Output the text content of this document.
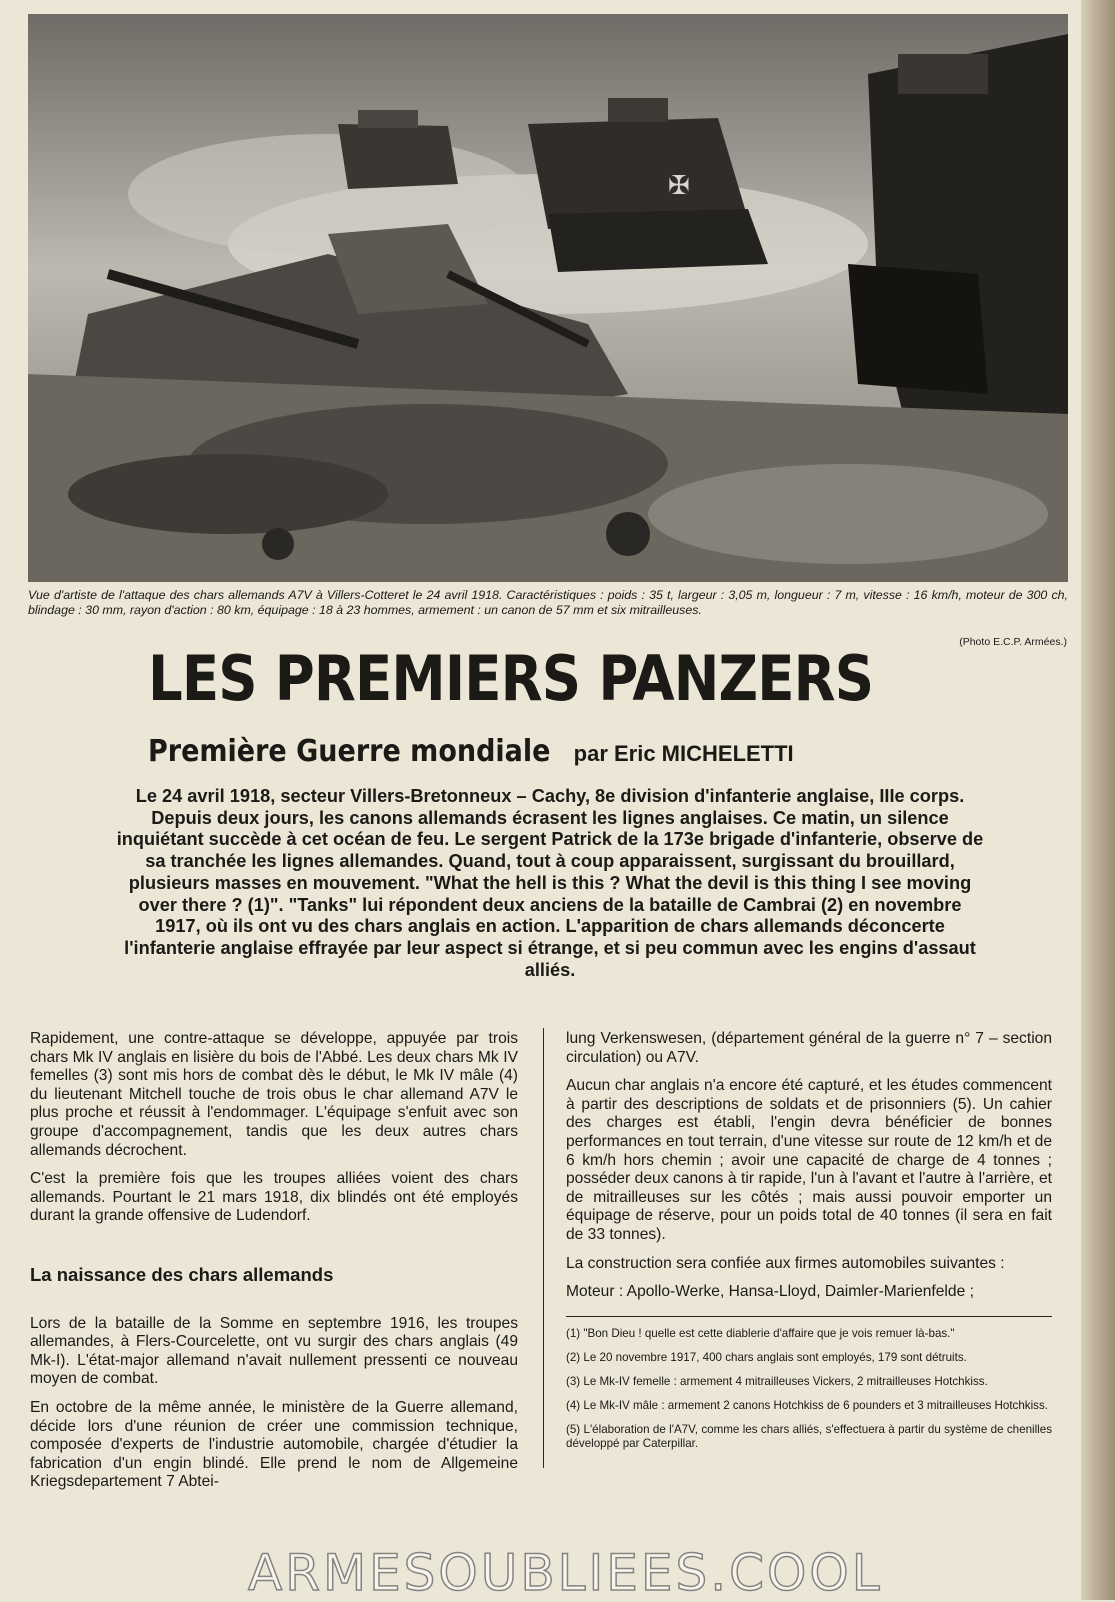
✠
Vue d'artiste de l'attaque des chars allemands A7V à Villers-Cotteret le 24 avril 1918. Caractéristiques : poids : 35 t, largeur : 3,05 m, longueur : 7 m, vitesse : 16 km/h, moteur de 300 ch, blindage : 30 mm, rayon d'action : 80 km, équipage : 18 à 23 hommes, armement : un canon de 57 mm et six mitrailleuses.
(Photo E.C.P. Armées.)
LES PREMIERS PANZERS
Première Guerre mondiale par Eric MICHELETTI
Le 24 avril 1918, secteur Villers-Bretonneux – Cachy, 8e division d'infanterie anglaise, IIIe corps. Depuis deux jours, les canons allemands écrasent les lignes anglaises. Ce matin, un silence inquiétant succède à cet océan de feu. Le sergent Patrick de la 173e brigade d'infanterie, observe de sa tranchée les lignes allemandes. Quand, tout à coup apparaissent, surgissant du brouillard, plusieurs masses en mouvement. "What the hell is this ? What the devil is this thing I see moving over there ? (1)". "Tanks" lui répondent deux anciens de la bataille de Cambrai (2) en novembre 1917, où ils ont vu des chars anglais en action. L'apparition de chars allemands déconcerte l'infanterie anglaise effrayée par leur aspect si étrange, et si peu commun avec les engins d'assaut alliés.

Rapidement, une contre-attaque se développe, appuyée par trois chars Mk IV anglais en lisière du bois de l'Abbé. Les deux chars Mk IV femelles (3) sont mis hors de combat dès le début, le Mk IV mâle (4) du lieutenant Mitchell touche de trois obus le char allemand A7V le plus proche et réussit à l'endommager. L'équipage s'enfuit avec son groupe d'accompagnement, tandis que les deux autres chars allemands décrochent.

C'est la première fois que les troupes alliées voient des chars allemands. Pourtant le 21 mars 1918, dix blindés ont été employés durant la grande offensive de Ludendorf.

La naissance des chars allemands

Lors de la bataille de la Somme en septembre 1916, les troupes allemandes, à Flers-Courcelette, ont vu surgir des chars anglais (49 Mk-I). L'état-major allemand n'avait nullement pressenti ce nouveau moyen de combat.

En octobre de la même année, le ministère de la Guerre allemand, décide lors d'une réunion de créer une commission technique, composée d'experts de l'industrie automobile, chargée d'étudier la fabrication d'un engin blindé. Elle prend le nom de Allgemeine Kriegsdepartement 7 Abtei-

lung Verkenswesen, (département général de la guerre n° 7 – section circulation) ou A7V.

Aucun char anglais n'a encore été capturé, et les études commencent à partir des descriptions de soldats et de prisonniers (5). Un cahier des charges est établi, l'engin devra bénéficier de bonnes performances en tout terrain, d'une vitesse sur route de 12 km/h et de 6 km/h hors chemin ; avoir une capacité de charge de 4 tonnes ; posséder deux canons à tir rapide, l'un à l'avant et l'autre à l'arrière, et de mitrailleuses sur les côtés ; mais aussi pouvoir emporter un équipage de réserve, pour un poids total de 40 tonnes (il sera en fait de 33 tonnes).

La construction sera confiée aux firmes automobiles suivantes :

Moteur : Apollo-Werke, Hansa-Lloyd, Daimler-Marienfelde ;

(1) "Bon Dieu ! quelle est cette diablerie d'affaire que je vois remuer là-bas."

(2) Le 20 novembre 1917, 400 chars anglais sont employés, 179 sont détruits.

(3) Le Mk-IV femelle : armement 4 mitrailleuses Vickers, 2 mitrailleuses Hotchkiss.

(4) Le Mk-IV mâle : armement 2 canons Hotchkiss de 6 pounders et 3 mitrailleuses Hotchkiss.

(5) L'élaboration de l'A7V, comme les chars alliés, s'effectuera à partir du système de chenilles développé par Caterpillar.

ARMESOUBLIEES.COOL
